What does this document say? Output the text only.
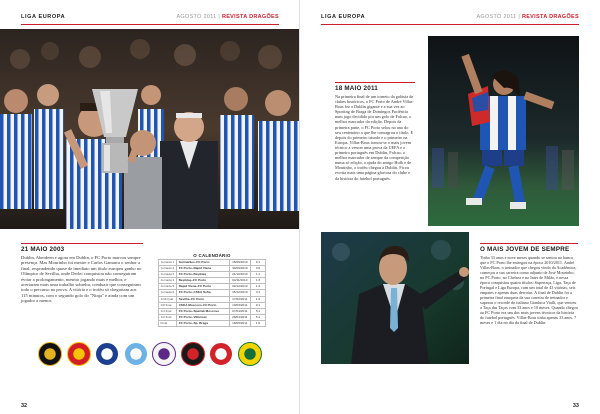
LIGA EUROPA	AGOSTO 2011 | REVISTA DRAGÕES
21 MAIO 2003

Dublin, Aberdeen e agora em Dublin, o FC Porto marcou sempre presença. Mas Mourinho foi mestre e Carlos Gamarra o senhor a final, respondendo quase de imediato um título europeu ganho no Olímpico de Sevilha, onde Derlei conquistou não conseguiram evitar a prolongamento, mesmo jogando mais e melhor, e acertaram mais uma trabalho sobrehu, conduzir que conseguiram todo o percurso na prova. A vitória e o troféu só chegariam aos 115 minutos, com o segundo golo do "Ninja" e ainda com um jogador a menos.

O CALENDÁRIO
Jornada 1	Guimarães–FC Porto	15/09/2010	0:1
Jornada 2	FC Porto–Rapid Viena	30/09/2010	3:0
Jornada 3	FC Porto–Beşiktaş	21/10/2010	1:1
Jornada 4	Beşiktaş–FC Porto	04/11/2010	1:3
Jornada 5	Rapid Viena–FC Porto	02/12/2010	1:3
Jornada 6	FC Porto–CSKA Sofia	15/12/2010	3:1
1/16 final	Sevilha–FC Porto	17/02/2011	1:2
1/8 final	CSKA Moscovo–FC Porto	10/03/2011	0:1
1/4 final	FC Porto–Spartak Moscovo	07/04/2011	5:1
1/2 final	FC Porto–Villarreal	28/04/2011	5:1
Final	FC Porto–Sp. Braga	18/05/2011	1:0
32
LIGA EUROPA	AGOSTO 2011 | REVISTA DRAGÕES
18 MAIO 2011

Na primeira final de um torneio da galáxia de clubes históricos, o FC Porto de André Villas-Boas fez a Dublin gigante e a sua vez ao Sporting de Braga de Domingos Paciência num jogo decidido por um golo de Falcao, o melhor marcador da edição. Depois da primeira parte, o FC Porto selou no ano do seu centenário a que lhe consagrou o título. E depois do primeiro triunfo e o primeiro na Europa, Villas-Boas tornou-se o mais jovem técnico a vencer uma prova da UEFA e o primeiro português em Dublin, Falcao, o melhor marcador de sempre da competição numa só edição, a ajuda do amigo Hulk e de Moutinho, o troféu chegou a Dublin. Ficou escrita mais uma página gloriosa do clube e da história do futebol português.

O MAIS JOVEM DE SEMPRE

Tinha 33 anos e nove meses quando se sentou no banco que o FC Porto lhe entregou na época 2010/2011. André Villas-Boas, o treinador que chegou vindo da Académica, começou a sua carreira como adjunto de José Mourinho, no FC Porto, no Chelsea e no Inter de Milão, e nessa época conquistou quatro títulos: Supertaça, Liga, Taça de Portugal e Liga Europa, com um total de 43 vitórias, seis empates e apenas duas derrotas. A final de Dublin foi a primeira final europeia da sua carreira de treinador e superou o recorde do italiano Gianluca Vialli, que venceu a Taça das Taças com 33 anos e 10 meses. Quando chegou ao FC Porto era um dos mais jovens técnicos da história do futebol português. Villas-Boas tinha apenas 33 anos, 7 meses e 1 dia no dia da final de Dublin.

33
